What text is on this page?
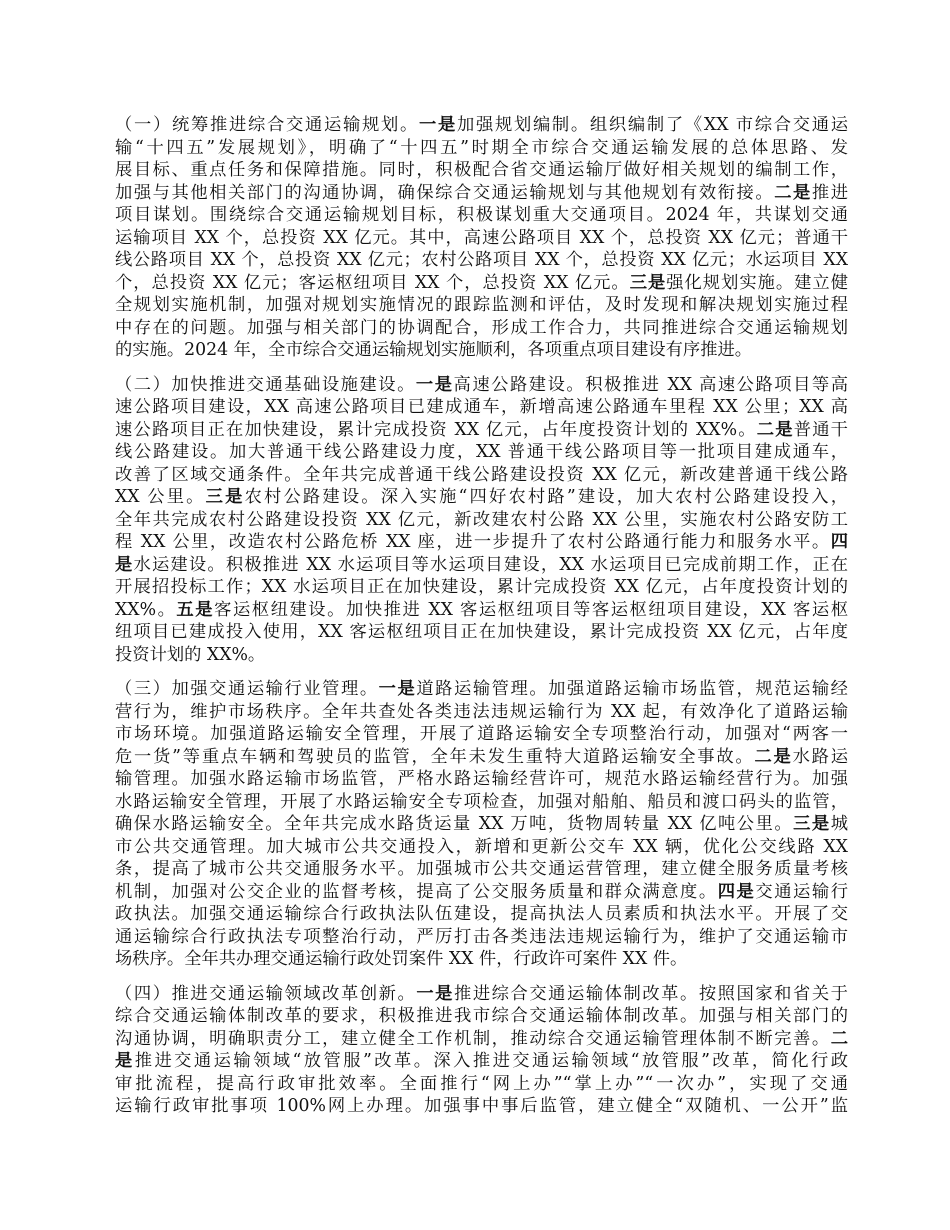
（一）统筹推进综合交通运输规划。一是加强规划编制。组织编制了《XX 市综合交通运
输“十四五”发展规划》，明确了“十四五”时期全市综合交通运输发展的总体思路、发
展目标、重点任务和保障措施。同时，积极配合省交通运输厅做好相关规划的编制工作，
加强与其他相关部门的沟通协调，确保综合交通运输规划与其他规划有效衔接。二是推进
项目谋划。围绕综合交通运输规划目标，积极谋划重大交通项目。2024 年，共谋划交通
运输项目 XX 个，总投资 XX 亿元。其中，高速公路项目 XX 个，总投资 XX 亿元；普通干
线公路项目 XX 个，总投资 XX 亿元；农村公路项目 XX 个，总投资 XX 亿元；水运项目 XX
个，总投资 XX 亿元；客运枢纽项目 XX 个，总投资 XX 亿元。三是强化规划实施。建立健
全规划实施机制，加强对规划实施情况的跟踪监测和评估，及时发现和解决规划实施过程
中存在的问题。加强与相关部门的协调配合，形成工作合力，共同推进综合交通运输规划
的实施。2024 年，全市综合交通运输规划实施顺利，各项重点项目建设有序推进。
（二）加快推进交通基础设施建设。一是高速公路建设。积极推进 XX 高速公路项目等高
速公路项目建设，XX 高速公路项目已建成通车，新增高速公路通车里程 XX 公里；XX 高
速公路项目正在加快建设，累计完成投资 XX 亿元，占年度投资计划的 XX%。二是普通干
线公路建设。加大普通干线公路建设力度，XX 普通干线公路项目等一批项目建成通车，
改善了区域交通条件。全年共完成普通干线公路建设投资 XX 亿元，新改建普通干线公路
XX 公里。三是农村公路建设。深入实施“四好农村路”建设，加大农村公路建设投入，
全年共完成农村公路建设投资 XX 亿元，新改建农村公路 XX 公里，实施农村公路安防工
程 XX 公里，改造农村公路危桥 XX 座，进一步提升了农村公路通行能力和服务水平。四
是水运建设。积极推进 XX 水运项目等水运项目建设，XX 水运项目已完成前期工作，正在
开展招投标工作；XX 水运项目正在加快建设，累计完成投资 XX 亿元，占年度投资计划的
XX%。五是客运枢纽建设。加快推进 XX 客运枢纽项目等客运枢纽项目建设，XX 客运枢
纽项目已建成投入使用，XX 客运枢纽项目正在加快建设，累计完成投资 XX 亿元，占年度
投资计划的 XX%。
（三）加强交通运输行业管理。一是道路运输管理。加强道路运输市场监管，规范运输经
营行为，维护市场秩序。全年共查处各类违法违规运输行为 XX 起，有效净化了道路运输
市场环境。加强道路运输安全管理，开展了道路运输安全专项整治行动，加强对“两客一
危一货”等重点车辆和驾驶员的监管，全年未发生重特大道路运输安全事故。二是水路运
输管理。加强水路运输市场监管，严格水路运输经营许可，规范水路运输经营行为。加强
水路运输安全管理，开展了水路运输安全专项检查，加强对船舶、船员和渡口码头的监管，
确保水路运输安全。全年共完成水路货运量 XX 万吨，货物周转量 XX 亿吨公里。三是城
市公共交通管理。加大城市公共交通投入，新增和更新公交车 XX 辆，优化公交线路 XX
条，提高了城市公共交通服务水平。加强城市公共交通运营管理，建立健全服务质量考核
机制，加强对公交企业的监督考核，提高了公交服务质量和群众满意度。四是交通运输行
政执法。加强交通运输综合行政执法队伍建设，提高执法人员素质和执法水平。开展了交
通运输综合行政执法专项整治行动，严厉打击各类违法违规运输行为，维护了交通运输市
场秩序。全年共办理交通运输行政处罚案件 XX 件，行政许可案件 XX 件。
（四）推进交通运输领域改革创新。一是推进综合交通运输体制改革。按照国家和省关于
综合交通运输体制改革的要求，积极推进我市综合交通运输体制改革。加强与相关部门的
沟通协调，明确职责分工，建立健全工作机制，推动综合交通运输管理体制不断完善。二
是推进交通运输领域“放管服”改革。深入推进交通运输领域“放管服”改革，简化行政
审批流程，提高行政审批效率。全面推行“网上办”“掌上办”“一次办”，实现了交通
运输行政审批事项 100%网上办理。加强事中事后监管，建立健全“双随机、一公开”监
